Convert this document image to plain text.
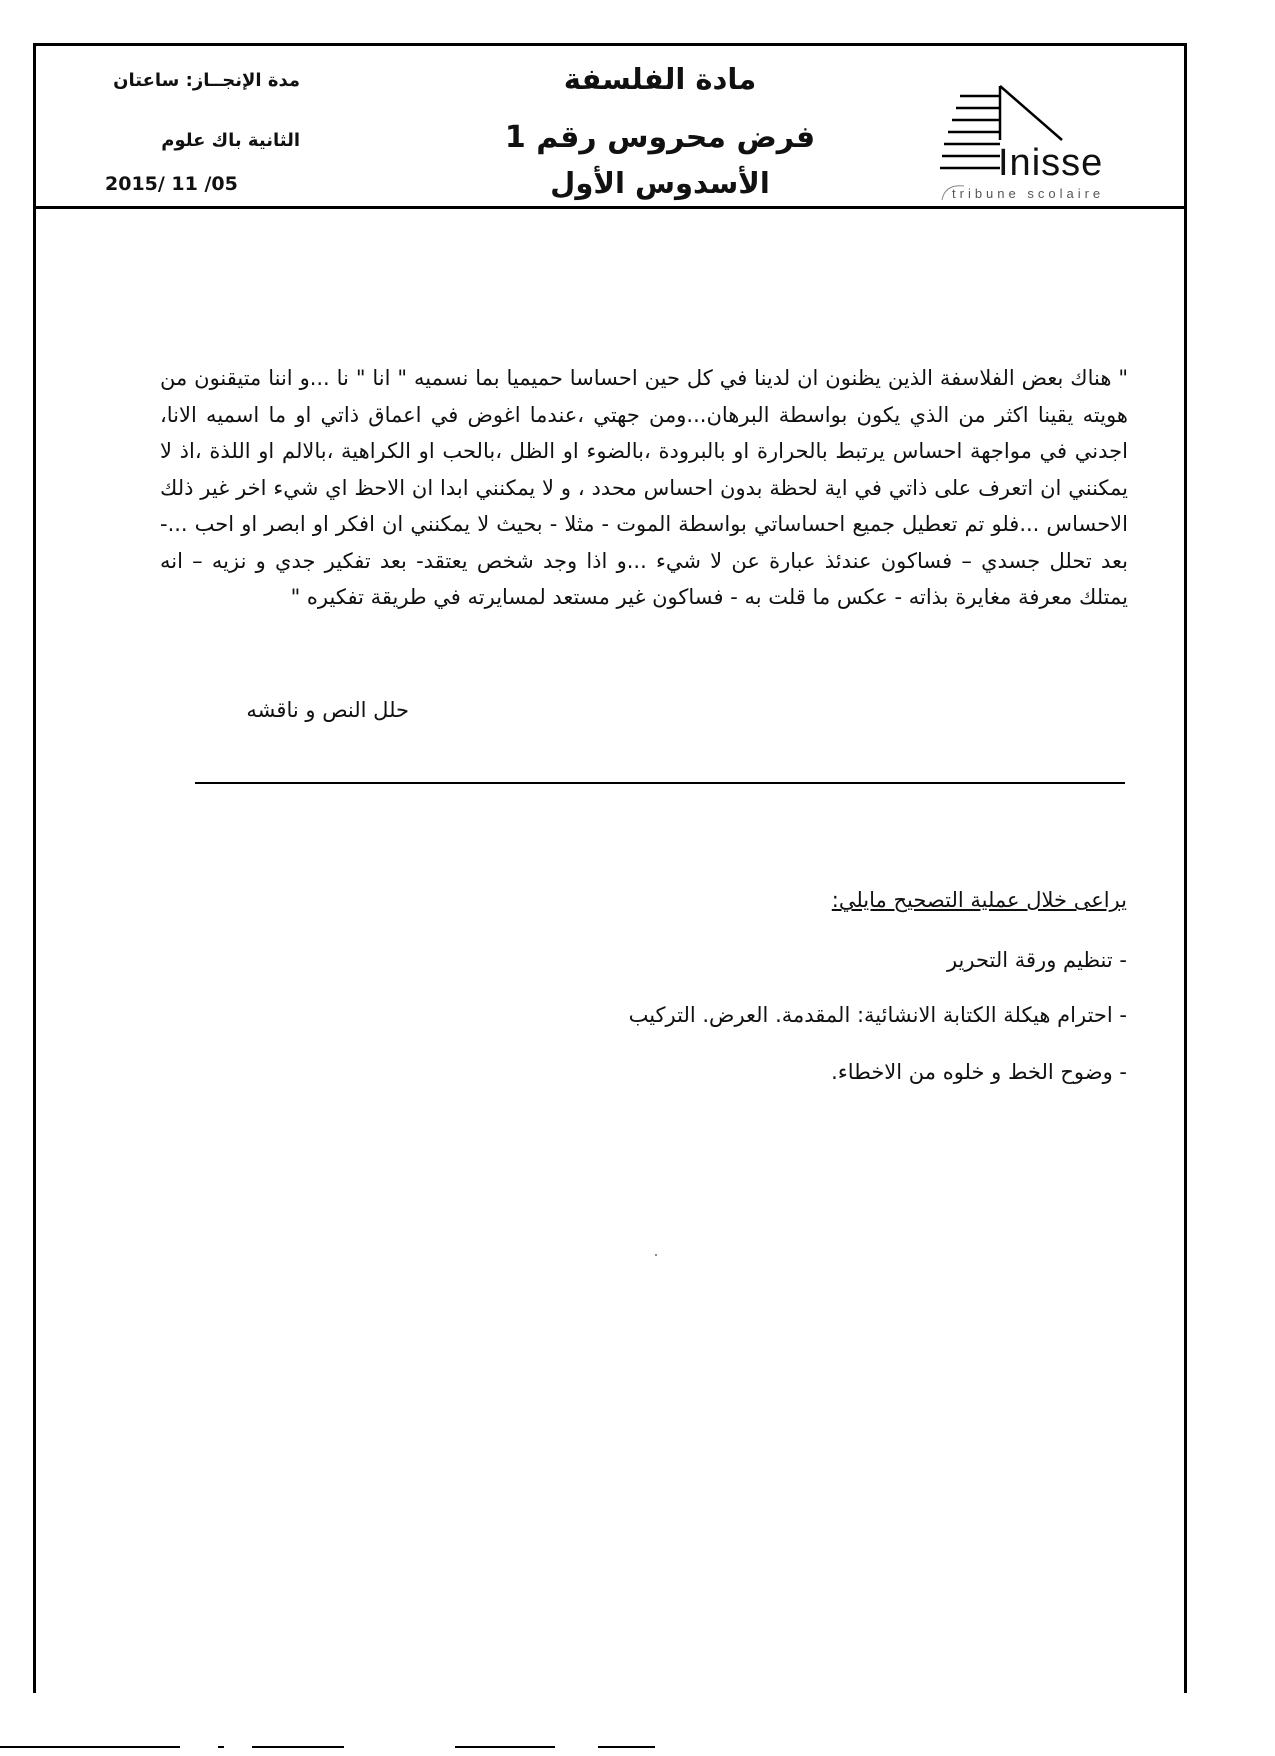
مدة الإنجــاز: ساعتان
الثانية باك علوم
2015/ 11 /05
مادة الفلسفة
فرض محروس رقم 1
الأسدوس الأول	Inisse
tribune scolaire
" هناك بعض الفلاسفة الذين يظنون ان لدينا في كل حين احساسا حميميا بما نسميه " انا " نا ...و اننا متيقنون من هويته يقينا اكثر من الذي يكون بواسطة البرهان...ومن جهتي ،عندما اغوض في اعماق ذاتي او ما اسميه الانا، اجدني في مواجهة احساس يرتبط بالحرارة او بالبرودة ،بالضوء او الظل ،بالحب او الكراهية ،بالالم او اللذة ،اذ لا يمكنني ان اتعرف على ذاتي في اية لحظة بدون احساس محدد ، و لا يمكنني ابدا ان الاحظ اي شيء اخر غير ذلك الاحساس ...فلو تم تعطيل جميع احساساتي بواسطة الموت - مثلا - بحيث لا يمكنني ان افكر او ابصر او احب ...- بعد تحلل جسدي – فساكون عندئذ عبارة عن لا شيء ...و اذا وجد شخص يعتقد- بعد تفكير جدي و نزيه – انه يمتلك معرفة مغايرة بذاته - عكس ما قلت به - فساكون غير مستعد لمسايرته في طريقة تفكيره "
حلل النص و ناقشه
يراعى خلال عملية التصحيح مايلي:
- تنظيم ورقة التحرير
- احترام هيكلة الكتابة الانشائية: المقدمة. العرض. التركيب
- وضوح الخط و خلوه من الاخطاء.
